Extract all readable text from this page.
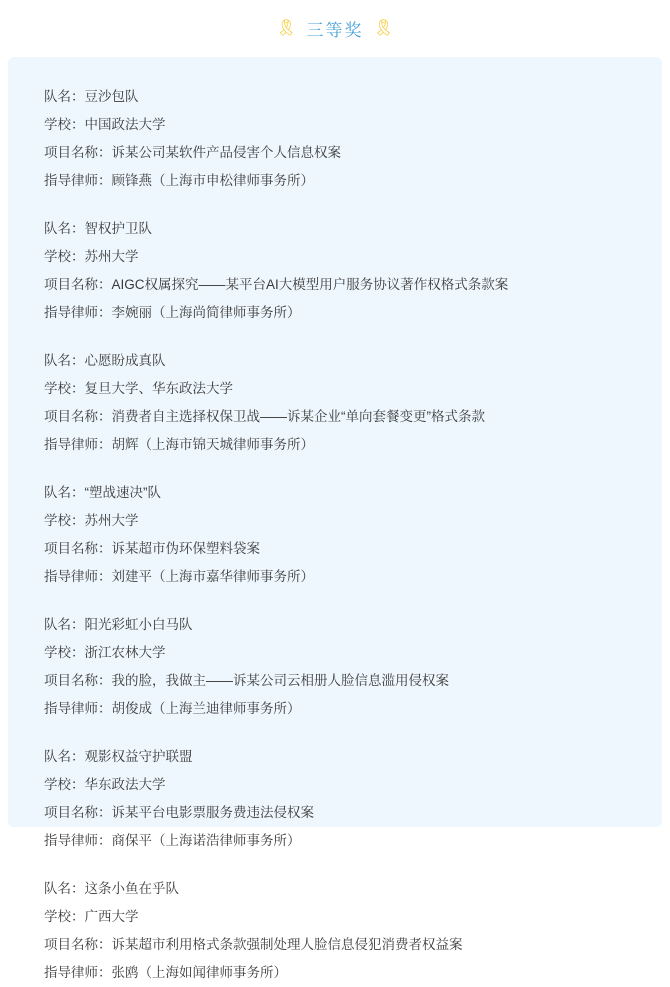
🎗 三等奖 🎗
队名：豆沙包队
学校：中国政法大学
项目名称：诉某公司某软件产品侵害个人信息权案
指导律师：顾锋燕（上海市申松律师事务所）
队名：智权护卫队
学校：苏州大学
项目名称：AIGC权属探究——某平台AI大模型用户服务协议著作权格式条款案
指导律师：李婉丽（上海尚简律师事务所）
队名：心愿盼成真队
学校：复旦大学、华东政法大学
项目名称：消费者自主选择权保卫战——诉某企业“单向套餐变更”格式条款
指导律师：胡辉（上海市锦天城律师事务所）
队名：“塑战速决”队
学校：苏州大学
项目名称：诉某超市伪环保塑料袋案
指导律师：刘建平（上海市嘉华律师事务所）
队名：阳光彩虹小白马队
学校：浙江农林大学
项目名称：我的脸，我做主——诉某公司云相册人脸信息滥用侵权案
指导律师：胡俊成（上海兰迪律师事务所）
队名：观影权益守护联盟
学校：华东政法大学
项目名称：诉某平台电影票服务费违法侵权案
指导律师：商保平（上海诺浩律师事务所）
队名：这条小鱼在乎队
学校：广西大学
项目名称：诉某超市利用格式条款强制处理人脸信息侵犯消费者权益案
指导律师：张鸥（上海如闻律师事务所）
